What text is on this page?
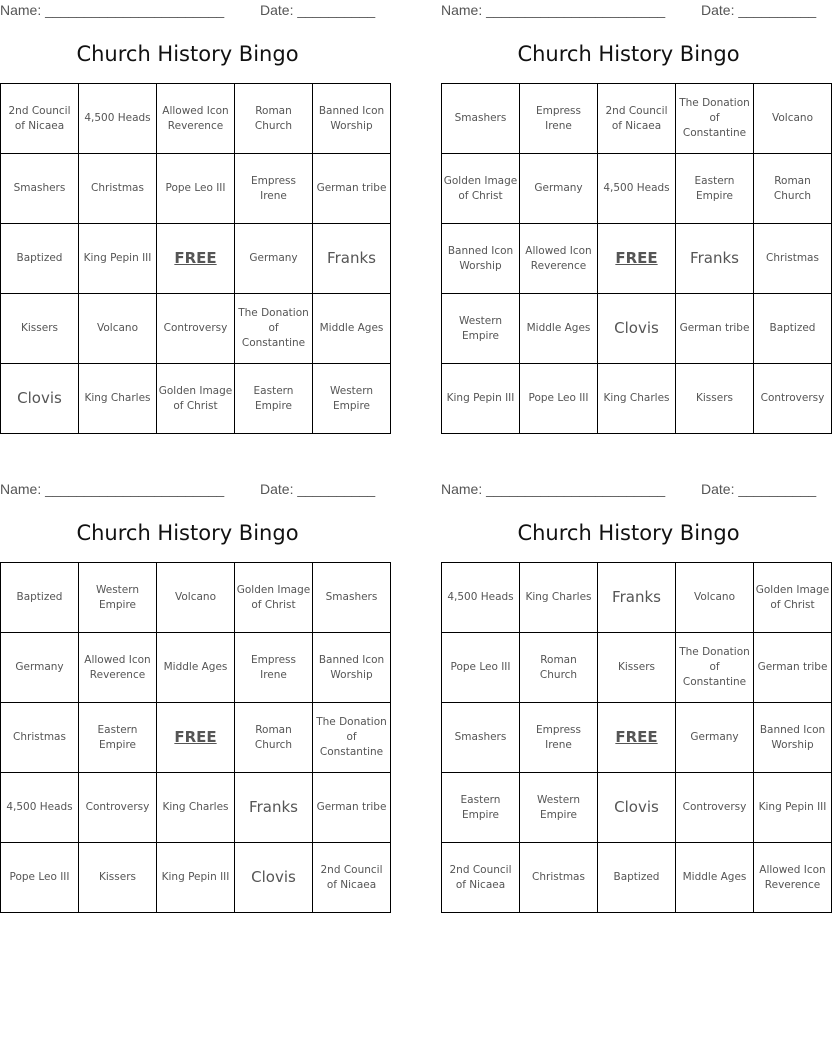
Name: _______________________	Date: __________
Church History Bingo
2nd Council of Nicaea	4,500 Heads	Allowed Icon Reverence	Roman Church	Banned Icon Worship
Smashers	Christmas	Pope Leo III	Empress Irene	German tribe
Baptized	King Pepin III	FREE	Germany	Franks
Kissers	Volcano	Controversy	The Donation of Constantine	Middle Ages
Clovis	King Charles	Golden Image of Christ	Eastern Empire	Western Empire
Name: _______________________	Date: __________
Church History Bingo
Smashers	Empress Irene	2nd Council of Nicaea	The Donation of Constantine	Volcano
Golden Image of Christ	Germany	4,500 Heads	Eastern Empire	Roman Church
Banned Icon Worship	Allowed Icon Reverence	FREE	Franks	Christmas
Western Empire	Middle Ages	Clovis	German tribe	Baptized
King Pepin III	Pope Leo III	King Charles	Kissers	Controversy
Name: _______________________	Date: __________
Church History Bingo
Baptized	Western Empire	Volcano	Golden Image of Christ	Smashers
Germany	Allowed Icon Reverence	Middle Ages	Empress Irene	Banned Icon Worship
Christmas	Eastern Empire	FREE	Roman Church	The Donation of Constantine
4,500 Heads	Controversy	King Charles	Franks	German tribe
Pope Leo III	Kissers	King Pepin III	Clovis	2nd Council of Nicaea
Name: _______________________	Date: __________
Church History Bingo
4,500 Heads	King Charles	Franks	Volcano	Golden Image of Christ
Pope Leo III	Roman Church	Kissers	The Donation of Constantine	German tribe
Smashers	Empress Irene	FREE	Germany	Banned Icon Worship
Eastern Empire	Western Empire	Clovis	Controversy	King Pepin III
2nd Council of Nicaea	Christmas	Baptized	Middle Ages	Allowed Icon Reverence
